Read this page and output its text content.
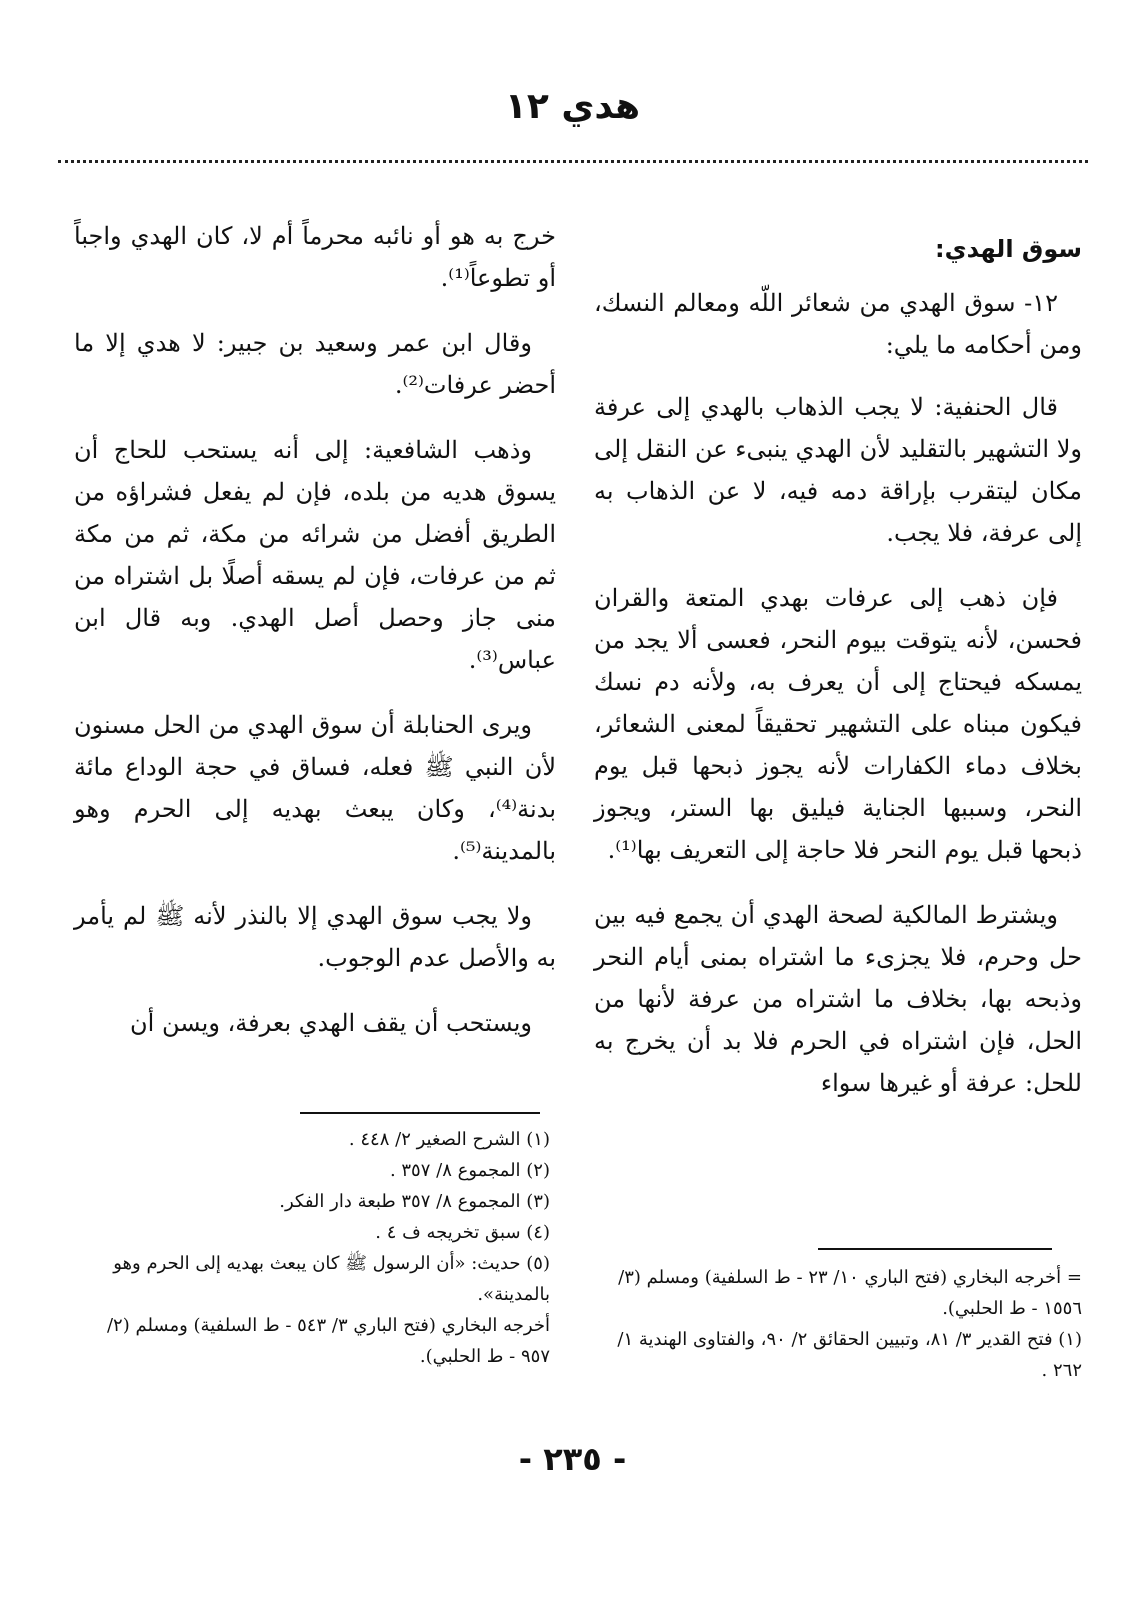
هدي ١٢
سوق الهدي:

١٢- سوق الهدي من شعائر اللّه ومعالم النسك، ومن أحكامه ما يلي:

قال الحنفية: لا يجب الذهاب بالهدي إلى عرفة ولا التشهير بالتقليد لأن الهدي ينبىء عن النقل إلى مكان ليتقرب بإراقة دمه فيه، لا عن الذهاب به إلى عرفة، فلا يجب.

فإن ذهب إلى عرفات بهدي المتعة والقران فحسن، لأنه يتوقت بيوم النحر، فعسى ألا يجد من يمسكه فيحتاج إلى أن يعرف به، ولأنه دم نسك فيكون مبناه على التشهير تحقيقاً لمعنى الشعائر، بخلاف دماء الكفارات لأنه يجوز ذبحها قبل يوم النحر، وسببها الجناية فيليق بها الستر، ويجوز ذبحها قبل يوم النحر فلا حاجة إلى التعريف بها⁽¹⁾.

ويشترط المالكية لصحة الهدي أن يجمع فيه بين حل وحرم، فلا يجزىء ما اشتراه بمنى أيام النحر وذبحه بها، بخلاف ما اشتراه من عرفة لأنها من الحل، فإن اشتراه في الحرم فلا بد أن يخرج به للحل: عرفة أو غيرها سواء

= أخرجه البخاري (فتح الباري ١٠/ ٢٣ - ط السلفية) ومسلم (٣/ ١٥٥٦ - ط الحلبي).

(١) فتح القدير ٣/ ٨١، وتبيين الحقائق ٢/ ٩٠، والفتاوى الهندية ١/ ٢٦٢ .

خرج به هو أو نائبه محرماً أم لا، كان الهدي واجباً أو تطوعاً⁽¹⁾.

وقال ابن عمر وسعيد بن جبير: لا هدي إلا ما أحضر عرفات⁽²⁾.

وذهب الشافعية: إلى أنه يستحب للحاج أن يسوق هديه من بلده، فإن لم يفعل فشراؤه من الطريق أفضل من شرائه من مكة، ثم من مكة ثم من عرفات، فإن لم يسقه أصلًا بل اشتراه من منى جاز وحصل أصل الهدي. وبه قال ابن عباس⁽³⁾.

ويرى الحنابلة أن سوق الهدي من الحل مسنون لأن النبي ﷺ فعله، فساق في حجة الوداع مائة بدنة⁽⁴⁾، وكان يبعث بهديه إلى الحرم وهو بالمدينة⁽⁵⁾.

ولا يجب سوق الهدي إلا بالنذر لأنه ﷺ لم يأمر به والأصل عدم الوجوب.

ويستحب أن يقف الهدي بعرفة، ويسن أن

(١) الشرح الصغير ٢/ ٤٤٨ .

(٢) المجموع ٨/ ٣٥٧ .

(٣) المجموع ٨/ ٣٥٧ طبعة دار الفكر.

(٤) سبق تخريجه ف ٤ .

(٥) حديث: «أن الرسول ﷺ كان يبعث بهديه إلى الحرم وهو بالمدينة».

أخرجه البخاري (فتح الباري ٣/ ٥٤٣ - ط السلفية) ومسلم (٢/ ٩٥٧ - ط الحلبي).

- ٢٣٥ -
